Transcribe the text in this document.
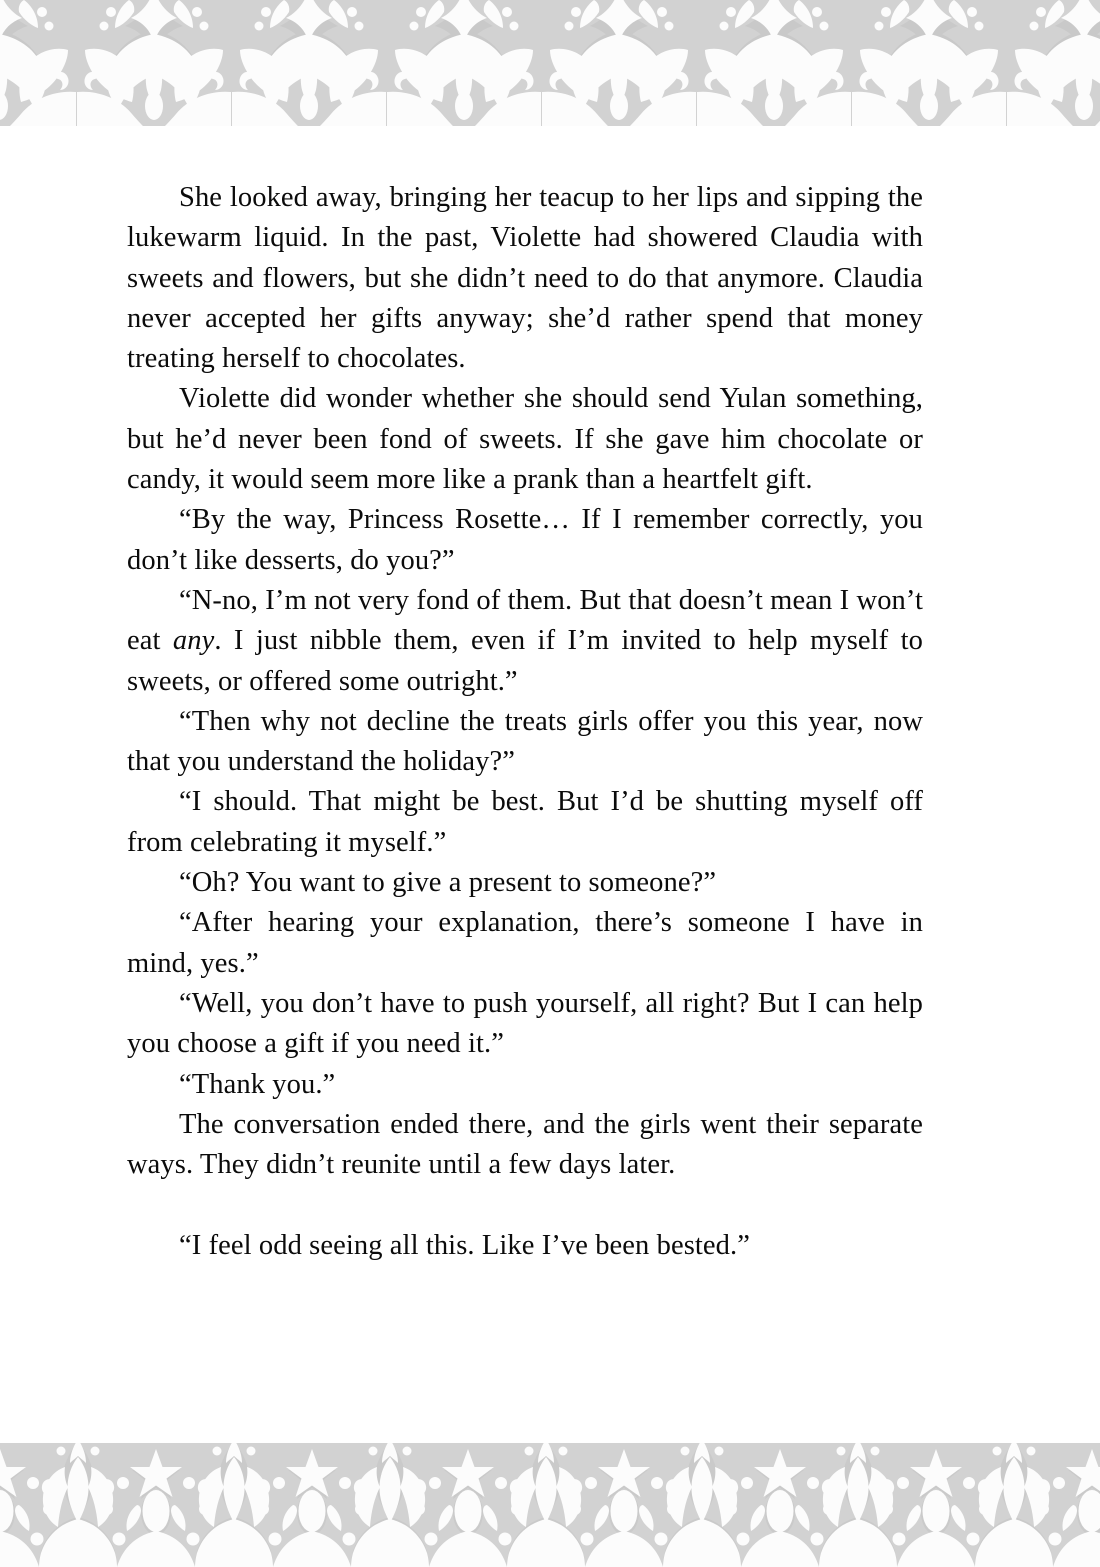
She looked away, bringing her teacup to her lips and sipping the lukewarm liquid. In the past, Violette had showered Claudia with sweets and flowers, but she didn’t need to do that anymore. Claudia never accepted her gifts anyway; she’d rather spend that money treating herself to chocolates.

Violette did wonder whether she should send Yulan something, but he’d never been fond of sweets. If she gave him chocolate or candy, it would seem more like a prank than a heartfelt gift.

“By the way, Princess Rosette… If I remember correctly, you don’t like desserts, do you?”

“N-no, I’m not very fond of them. But that doesn’t mean I won’t eat any. I just nibble them, even if I’m invited to help myself to sweets, or offered some outright.”

“Then why not decline the treats girls offer you this year, now that you understand the holiday?”

“I should. That might be best. But I’d be shutting myself off from celebrating it myself.”

“Oh? You want to give a present to someone?”

“After hearing your explanation, there’s someone I have in mind, yes.”

“Well, you don’t have to push yourself, all right? But I can help you choose a gift if you need it.”

“Thank you.”

The conversation ended there, and the girls went their separate ways. They didn’t reunite until a few days later.

“I feel odd seeing all this. Like I’ve been bested.”
